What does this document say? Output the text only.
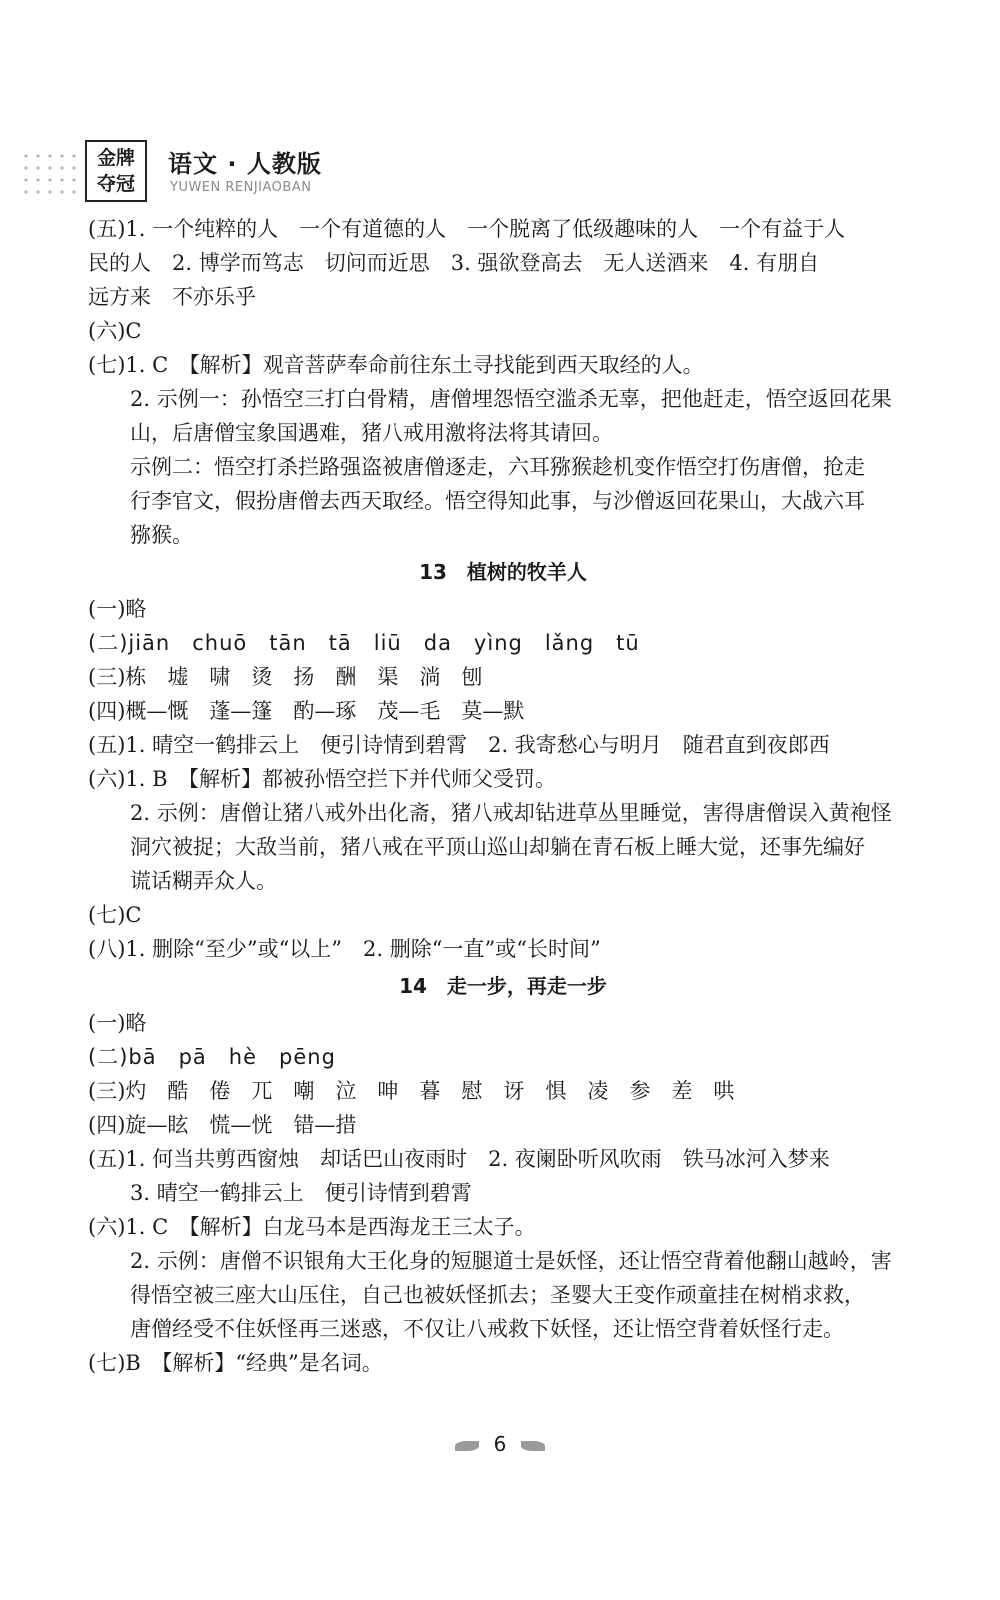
金牌
夺冠
语文 · 人教版
YUWEN RENJIAOBAN
(五)1. 一个纯粹的人　一个有道德的人　一个脱离了低级趣味的人　一个有益于人
民的人　2. 博学而笃志　切问而近思　3. 强欲登高去　无人送酒来　4. 有朋自
远方来　不亦乐乎
(六)C
(七)1. C　【解析】观音菩萨奉命前往东土寻找能到西天取经的人。
2. 示例一：孙悟空三打白骨精，唐僧埋怨悟空滥杀无辜，把他赶走，悟空返回花果
山，后唐僧宝象国遇难，猪八戒用激将法将其请回。
示例二：悟空打杀拦路强盗被唐僧逐走，六耳猕猴趁机变作悟空打伤唐僧，抢走
行李官文，假扮唐僧去西天取经。悟空得知此事，与沙僧返回花果山，大战六耳
猕猴。
13　植树的牧羊人
(一)略
(二)jiān　chuō　tān　tā　liū　da　yìng　lǎng　tū
(三)栋　墟　啸　烫　扬　酬　渠　淌　刨
(四)概—慨　蓬—篷　酌—琢　茂—毛　莫—默
(五)1. 晴空一鹤排云上　便引诗情到碧霄　2. 我寄愁心与明月　随君直到夜郎西
(六)1. B　【解析】都被孙悟空拦下并代师父受罚。
2. 示例：唐僧让猪八戒外出化斋，猪八戒却钻进草丛里睡觉，害得唐僧误入黄袍怪
洞穴被捉；大敌当前，猪八戒在平顶山巡山却躺在青石板上睡大觉，还事先编好
谎话糊弄众人。
(七)C
(八)1. 删除“至少”或“以上”　2. 删除“一直”或“长时间”
14　走一步，再走一步
(一)略
(二)bā　pā　hè　pēng
(三)灼　酷　倦　兀　嘲　泣　呻　暮　慰　讶　惧　凌　参　差　哄
(四)旋—眩　慌—恍　错—措
(五)1. 何当共剪西窗烛　却话巴山夜雨时　2. 夜阑卧听风吹雨　铁马冰河入梦来
3. 晴空一鹤排云上　便引诗情到碧霄
(六)1. C　【解析】白龙马本是西海龙王三太子。
2. 示例：唐僧不识银角大王化身的短腿道士是妖怪，还让悟空背着他翻山越岭，害
得悟空被三座大山压住，自己也被妖怪抓去；圣婴大王变作顽童挂在树梢求救，
唐僧经受不住妖怪再三迷惑，不仅让八戒救下妖怪，还让悟空背着妖怪行走。
(七)B　【解析】“经典”是名词。
6
